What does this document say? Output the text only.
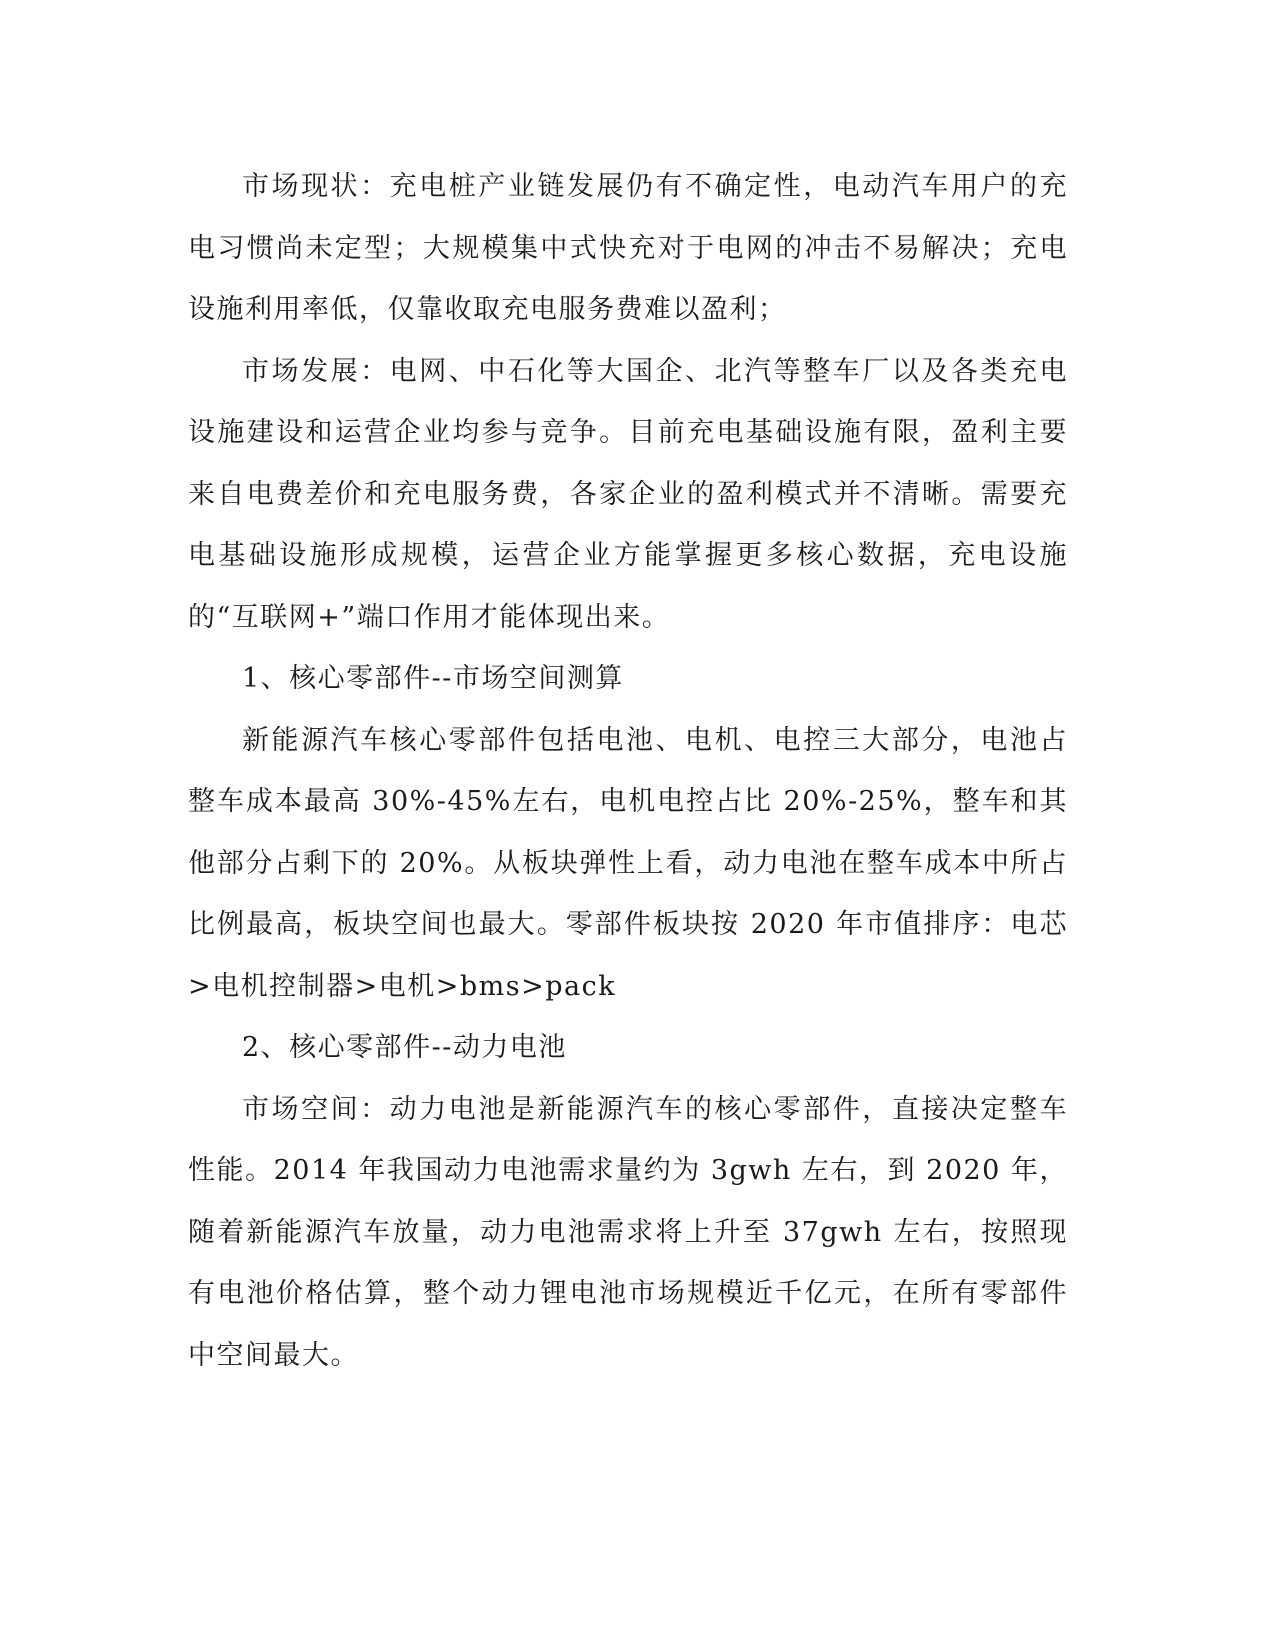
市场现状：充电桩产业链发展仍有不确定性，电动汽车用户的充电习惯尚未定型；大规模集中式快充对于电网的冲击不易解决；充电设施利用率低，仅靠收取充电服务费难以盈利；

市场发展：电网、中石化等大国企、北汽等整车厂以及各类充电设施建设和运营企业均参与竞争。目前充电基础设施有限，盈利主要来自电费差价和充电服务费，各家企业的盈利模式并不清晰。需要充电基础设施形成规模，运营企业方能掌握更多核心数据，充电设施的“互联网+”端口作用才能体现出来。

1、核心零部件--市场空间测算

新能源汽车核心零部件包括电池、电机、电控三大部分，电池占整车成本最高 30%-45%左右，电机电控占比 20%-25%，整车和其他部分占剩下的 20%。从板块弹性上看，动力电池在整车成本中所占比例最高，板块空间也最大。零部件板块按 2020 年市值排序：电芯>电机控制器>电机>bms>pack

2、核心零部件--动力电池

市场空间：动力电池是新能源汽车的核心零部件，直接决定整车性能。2014 年我国动力电池需求量约为 3gwh 左右，到 2020 年，随着新能源汽车放量，动力电池需求将上升至 37gwh 左右，按照现有电池价格估算，整个动力锂电池市场规模近千亿元，在所有零部件中空间最大。
